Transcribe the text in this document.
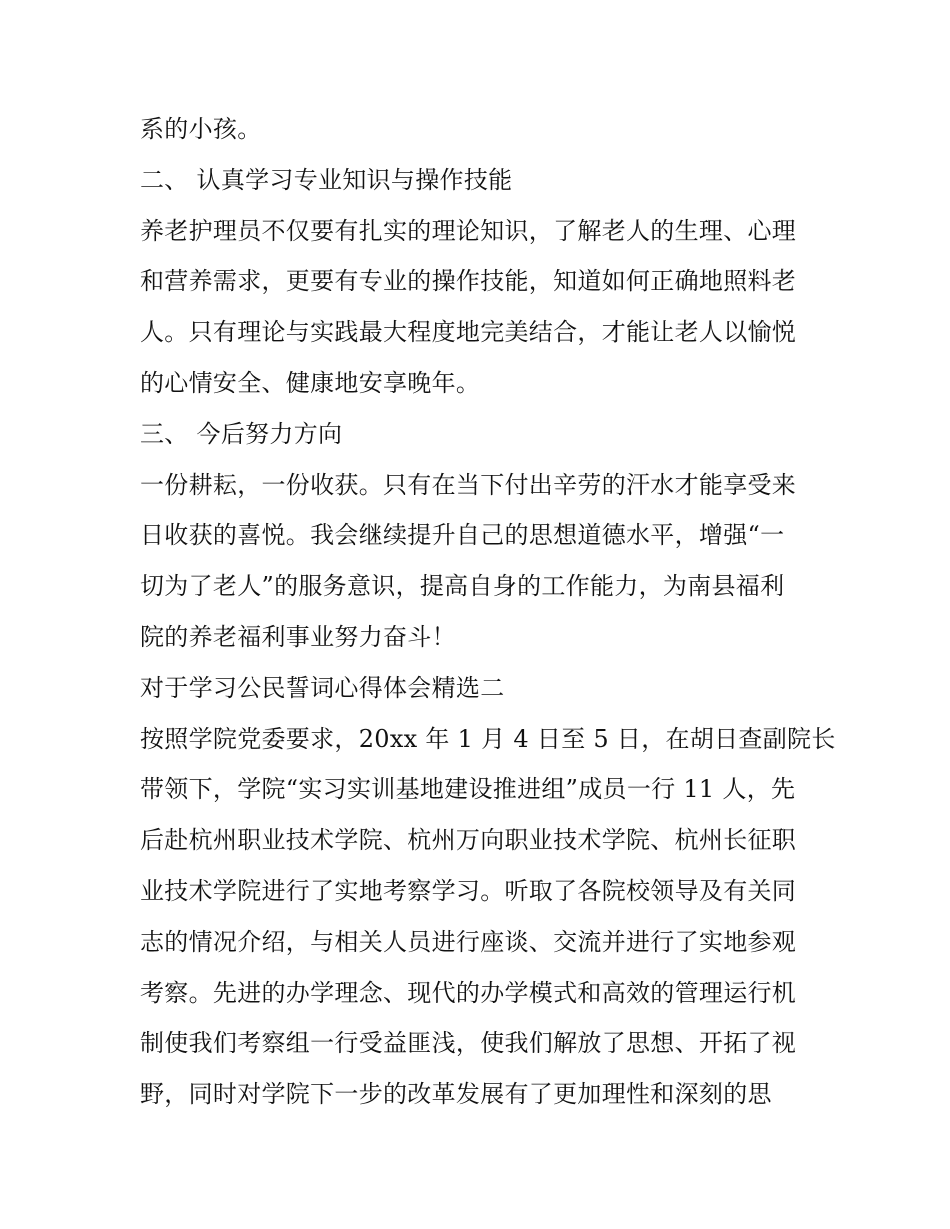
系的小孩。
二、 认真学习专业知识与操作技能
养老护理员不仅要有扎实的理论知识，了解老人的生理、心理
和营养需求，更要有专业的操作技能，知道如何正确地照料老
人。只有理论与实践最大程度地完美结合，才能让老人以愉悦
的心情安全、健康地安享晚年。
三、 今后努力方向
一份耕耘，一份收获。只有在当下付出辛劳的汗水才能享受来
日收获的喜悦。我会继续提升自己的思想道德水平，增强“一
切为了老人”的服务意识，提高自身的工作能力，为南县福利
院的养老福利事业努力奋斗！
对于学习公民誓词心得体会精选二
按照学院党委要求，20xx 年 1 月 4 日至 5 日，在胡日查副院长
带领下，学院“实习实训基地建设推进组”成员一行 11 人，先
后赴杭州职业技术学院、杭州万向职业技术学院、杭州长征职
业技术学院进行了实地考察学习。听取了各院校领导及有关同
志的情况介绍，与相关人员进行座谈、交流并进行了实地参观
考察。先进的办学理念、现代的办学模式和高效的管理运行机
制使我们考察组一行受益匪浅，使我们解放了思想、开拓了视
野，同时对学院下一步的改革发展有了更加理性和深刻的思
